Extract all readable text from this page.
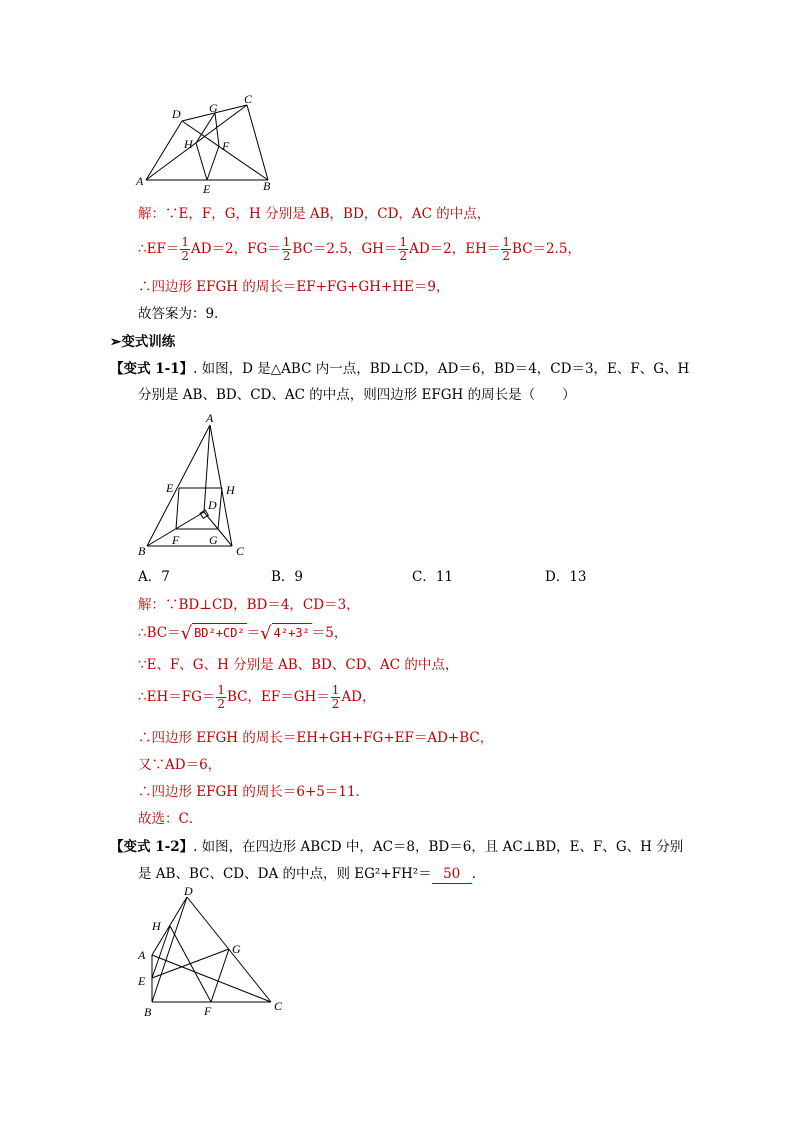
A	B
C
D
E
F
G
H
解：∵E，F，G，H 分别是 AB，BD，CD，AC 的中点，
∴EF＝ $\frac{1}{2} AD=2$，$FG= \frac{1}{2} BC=2.5$，$GH= \frac{1}{2} AD=2$，$EH= \frac{1}{2} BC=2.5$，
∴四边形 EFGH 的周长＝EF+FG+GH+HE＝9，
故答案为：9．
➢变式训练
【变式 1-1】. 如图，D 是△ABC 内一点，BD⊥CD，AD＝6，BD＝4，CD＝3，E、F、G、H
分别是 AB、BD、CD、AC 的中点，则四边形 EFGH 的周长是（　　）
A
B	C
D
E
F G
H
A．7	B．9	C．11	D．13
解：∵BD⊥CD，BD＝4，CD＝3，
∴BC＝√ BD²+CD² ＝√ 4²+3² ＝5，
∵E、F、G、H 分别是 AB、BD、CD、AC 的中点，
∴EH＝FG＝ $\frac{1}{2}$ BC，$EF=GH= \frac{1}{2}$ AD，
∴四边形 EFGH 的周长＝EH+GH+FG+EF＝AD+BC，
又∵AD＝6，
∴四边形 EFGH 的周长＝6+5＝11．
故选：C．
【变式 1-2】. 如图，在四边形 ABCD 中，AC＝8，BD＝6，且 AC⊥BD，E、F、G、H 分别
是 AB、BC、CD、DA 的中点，则 EG²+FH²＝ 50 ．
A
B	C
D
E
F
G
H
